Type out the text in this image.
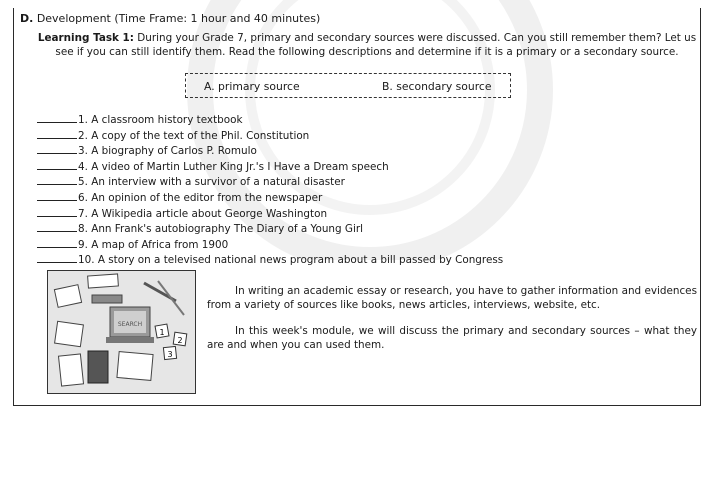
D. Development (Time Frame: 1 hour and 40 minutes)
Learning Task 1: During your Grade 7, primary and secondary sources were discussed. Can you still remember them? Let us see if you can still identify them. Read the following descriptions and determine if it is a primary or a secondary source.
A. primary source	B. secondary source
1. A classroom history textbook
2. A copy of the text of the Phil. Constitution
3. A biography of Carlos P. Romulo
4. A video of Martin Luther King Jr.'s I Have a Dream speech
5. An interview with a survivor of a natural disaster
6. An opinion of the editor from the newspaper
7. A Wikipedia article about George Washington
8. Ann Frank's autobiography The Diary of a Young Girl
9. A map of Africa from 1900
10. A story on a televised national news program about a bill passed by Congress
SEARCH
1
2
3
In writing an academic essay or research, you have to gather information and evidences from a variety of sources like books, news articles, interviews, website, etc.
In this week's module, we will discuss the primary and secondary sources – what they are and when you can used them.
